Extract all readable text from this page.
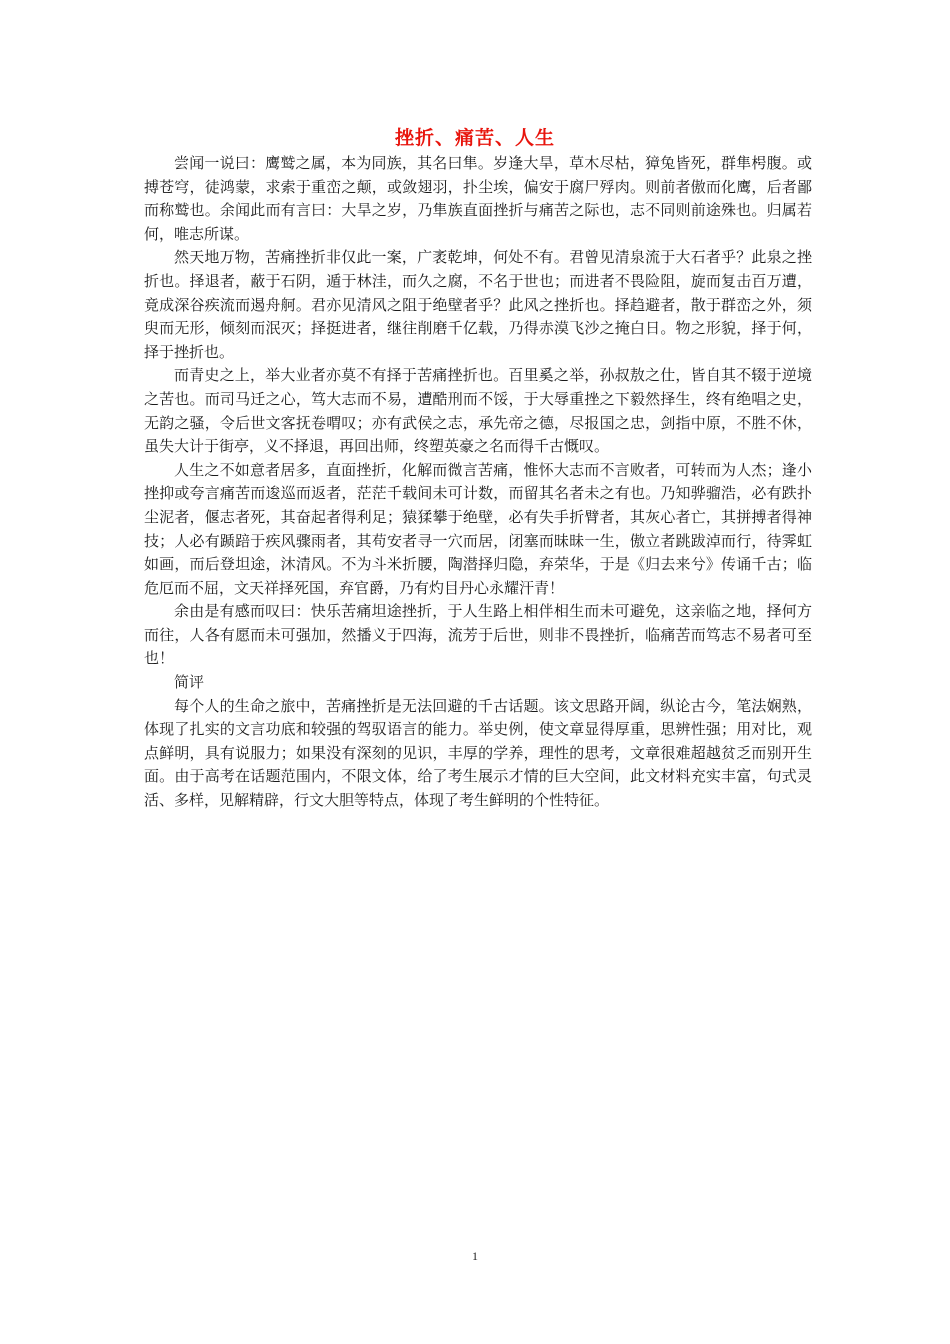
挫折、痛苦、人生

尝闻一说曰：鹰鹫之属，本为同族，其名曰隼。岁逢大旱，草木尽枯，獐兔皆死，群隼枵腹。或搏苍穹，徒鸿蒙，求索于重峦之颠，或敛翅羽，扑尘埃，偏安于腐尸殍肉。则前者傲而化鹰，后者鄙而称鹫也。余闻此而有言曰：大旱之岁，乃隼族直面挫折与痛苦之际也，志不同则前途殊也。归属若何，唯志所谋。

然天地万物，苦痛挫折非仅此一案，广袤乾坤，何处不有。君曾见清泉流于大石者乎？此泉之挫折也。择退者，蔽于石阴，遁于林洼，而久之腐，不名于世也；而进者不畏险阻，旋而复击百万遭，竟成深谷疾流而遏舟舸。君亦见清风之阻于绝壁者乎？此风之挫折也。择趋避者，散于群峦之外，须臾而无形，倾刻而泯灭；择挺进者，继往削磨千亿载，乃得赤漠飞沙之掩白日。物之形貌，择于何，择于挫折也。

而青史之上，举大业者亦莫不有择于苦痛挫折也。百里奚之举，孙叔敖之仕，皆自其不辍于逆境之苦也。而司马迁之心，笃大志而不易，遭酷刑而不馁，于大辱重挫之下毅然择生，终有绝唱之史，无韵之骚，令后世文客抚卷喟叹；亦有武侯之志，承先帝之德，尽报国之忠，剑指中原，不胜不休，虽失大计于街亭，义不择退，再回出师，终塑英豪之名而得千古慨叹。

人生之不如意者居多，直面挫折，化解而微言苦痛，惟怀大志而不言败者，可转而为人杰；逢小挫抑或夸言痛苦而逡巡而返者，茫茫千载间未可计数，而留其名者未之有也。乃知骅骝浩，必有跌扑尘泥者，偃志者死，其奋起者得利足；猿猱攀于绝壁，必有失手折臂者，其灰心者亡，其拼搏者得神技；人必有踬踣于疾风骤雨者，其苟安者寻一穴而居，闭塞而昧昧一生，傲立者跳跋淖而行，待霁虹如画，而后登坦途，沐清风。不为斗米折腰，陶潜择归隐，弃荣华，于是《归去来兮》传诵千古；临危厄而不屈，文天祥择死国，弃官爵，乃有灼目丹心永耀汗青！

余由是有感而叹曰：快乐苦痛坦途挫折，于人生路上相伴相生而未可避免，这亲临之地，择何方而往，人各有愿而未可强加，然播义于四海，流芳于后世，则非不畏挫折，临痛苦而笃志不易者可至也！

简评

每个人的生命之旅中，苦痛挫折是无法回避的千古话题。该文思路开阔，纵论古今，笔法娴熟，体现了扎实的文言功底和较强的驾驭语言的能力。举史例，使文章显得厚重，思辨性强；用对比，观点鲜明，具有说服力；如果没有深刻的见识，丰厚的学养，理性的思考，文章很难超越贫乏而别开生面。由于高考在话题范围内，不限文体，给了考生展示才情的巨大空间，此文材料充实丰富，句式灵活、多样，见解精辟，行文大胆等特点，体现了考生鲜明的个性特征。

1
